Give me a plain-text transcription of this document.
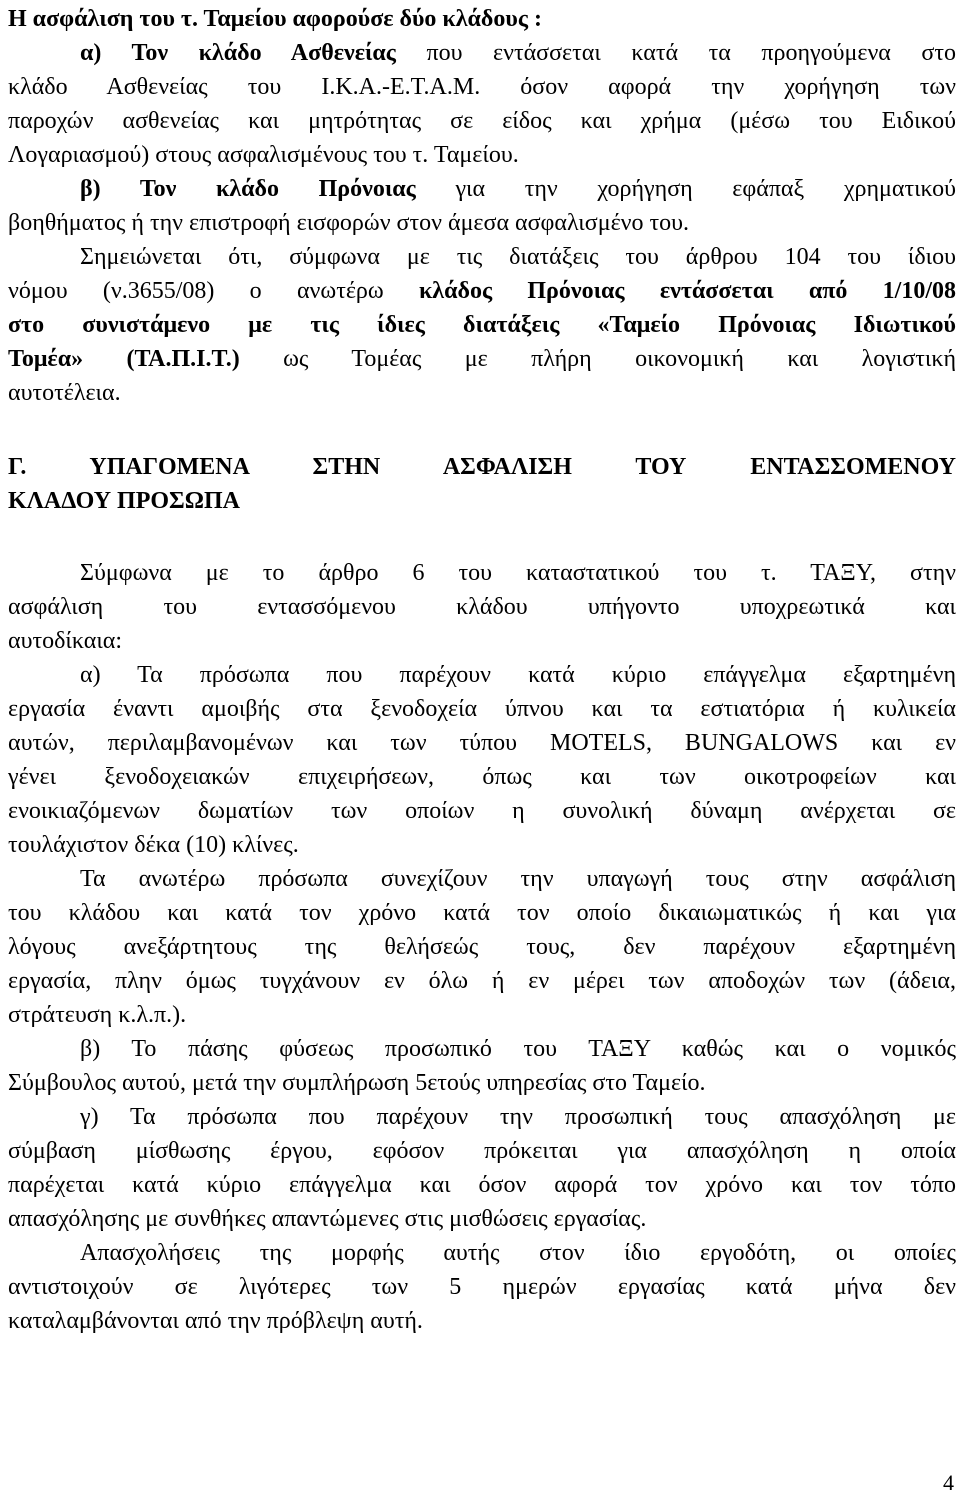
Η ασφάλιση του τ. Ταμείου αφορούσε δύο κλάδους :
α) Τον κλάδο Ασθενείας που εντάσσεται κατά τα προηγούμενα στο
κλάδο Ασθενείας του Ι.Κ.Α.-Ε.Τ.Α.Μ. όσον αφορά την χορήγηση των
παροχών ασθενείας και μητρότητας σε είδος και χρήμα (μέσω του Ειδικού
Λογαριασμού) στους ασφαλισμένους του τ. Ταμείου.
β) Τον κλάδο Πρόνοιας για την χορήγηση εφάπαξ χρηματικού
βοηθήματος ή την επιστροφή εισφορών στον άμεσα ασφαλισμένο του.
Σημειώνεται ότι, σύμφωνα με τις διατάξεις του άρθρου 104 του ίδιου
νόμου (ν.3655/08) ο ανωτέρω κλάδος Πρόνοιας εντάσσεται από 1/10/08
στο συνιστάμενο με τις ίδιες διατάξεις «Ταμείο Πρόνοιας Ιδιωτικού
Τομέα» (ΤΑ.Π.Ι.Τ.) ως Τομέας με πλήρη οικονομική και λογιστική
αυτοτέλεια.
Γ. ΥΠΑΓΟΜΕΝΑ ΣΤΗΝ ΑΣΦΑΛΙΣΗ ΤΟΥ ΕΝΤΑΣΣΟΜΕΝΟΥ
ΚΛΑΔΟΥ ΠΡΟΣΩΠΑ
Σύμφωνα με το άρθρο 6 του καταστατικού του τ. ΤΑΞΥ, στην
ασφάλιση του εντασσόμενου κλάδου υπήγοντο υποχρεωτικά και
αυτοδίκαια:
α) Τα πρόσωπα που παρέχουν κατά κύριο επάγγελμα εξαρτημένη
εργασία έναντι αμοιβής στα ξενοδοχεία ύπνου και τα εστιατόρια ή κυλικεία
αυτών, περιλαμβανομένων και των τύπου MOTELS, BUNGALOWS και εν
γένει ξενοδοχειακών επιχειρήσεων, όπως και των οικοτροφείων και
ενοικιαζόμενων δωματίων των οποίων η συνολική δύναμη ανέρχεται σε
τουλάχιστον δέκα (10) κλίνες.
Τα ανωτέρω πρόσωπα συνεχίζουν την υπαγωγή τους στην ασφάλιση
του κλάδου και κατά τον χρόνο κατά τον οποίο δικαιωματικώς ή και για
λόγους ανεξάρτητους της θελήσεώς τους, δεν παρέχουν εξαρτημένη
εργασία, πλην όμως τυγχάνουν εν όλω ή εν μέρει των αποδοχών των (άδεια,
στράτευση κ.λ.π.).
β) Το πάσης φύσεως προσωπικό του ΤΑΞΥ καθώς και ο νομικός
Σύμβουλος αυτού, μετά την συμπλήρωση 5ετούς υπηρεσίας στο Ταμείο.
γ) Τα πρόσωπα που παρέχουν την προσωπική τους απασχόληση με
σύμβαση μίσθωσης έργου, εφόσον πρόκειται για απασχόληση η οποία
παρέχεται κατά κύριο επάγγελμα και όσον αφορά τον χρόνο και τον τόπο
απασχόλησης με συνθήκες απαντώμενες στις μισθώσεις εργασίας.
Απασχολήσεις της μορφής αυτής στον ίδιο εργοδότη, οι οποίες
αντιστοιχούν σε λιγότερες των 5 ημερών εργασίας κατά μήνα δεν
καταλαμβάνονται από την πρόβλεψη αυτή.
4
